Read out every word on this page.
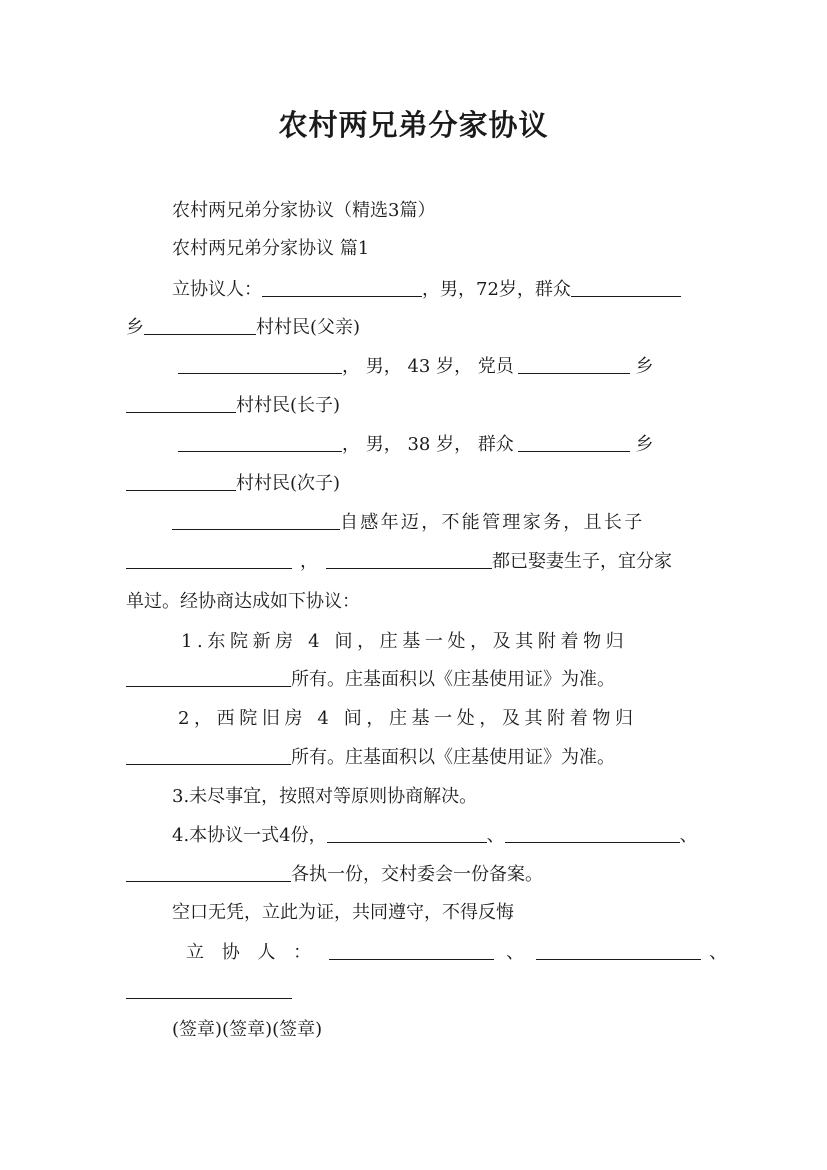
农村两兄弟分家协议
农村两兄弟分家协议（精选3篇）
农村两兄弟分家协议 篇1
立协议人：	，男，72岁，群众
乡	村村民(父亲)
， 男， 43 岁， 党员	乡
村村民(长子)
， 男， 38 岁， 群众	乡
村村民(次子)
自感年迈，不能管理家务，且长子
，	都已娶妻生子，宜分家
单过。经协商达成如下协议：
1.东院新房 4 间，庄基一处，及其附着物归
所有。庄基面积以《庄基使用证》为准。
2，西院旧房 4 间，庄基一处，及其附着物归
所有。庄基面积以《庄基使用证》为准。
3.未尽事宜，按照对等原则协商解决。
4.本协议一式4份，	、	、
各执一份，交村委会一份备案。
空口无凭，立此为证，共同遵守，不得反悔
立 协 人 ：	、	、
(签章)(签章)(签章)
